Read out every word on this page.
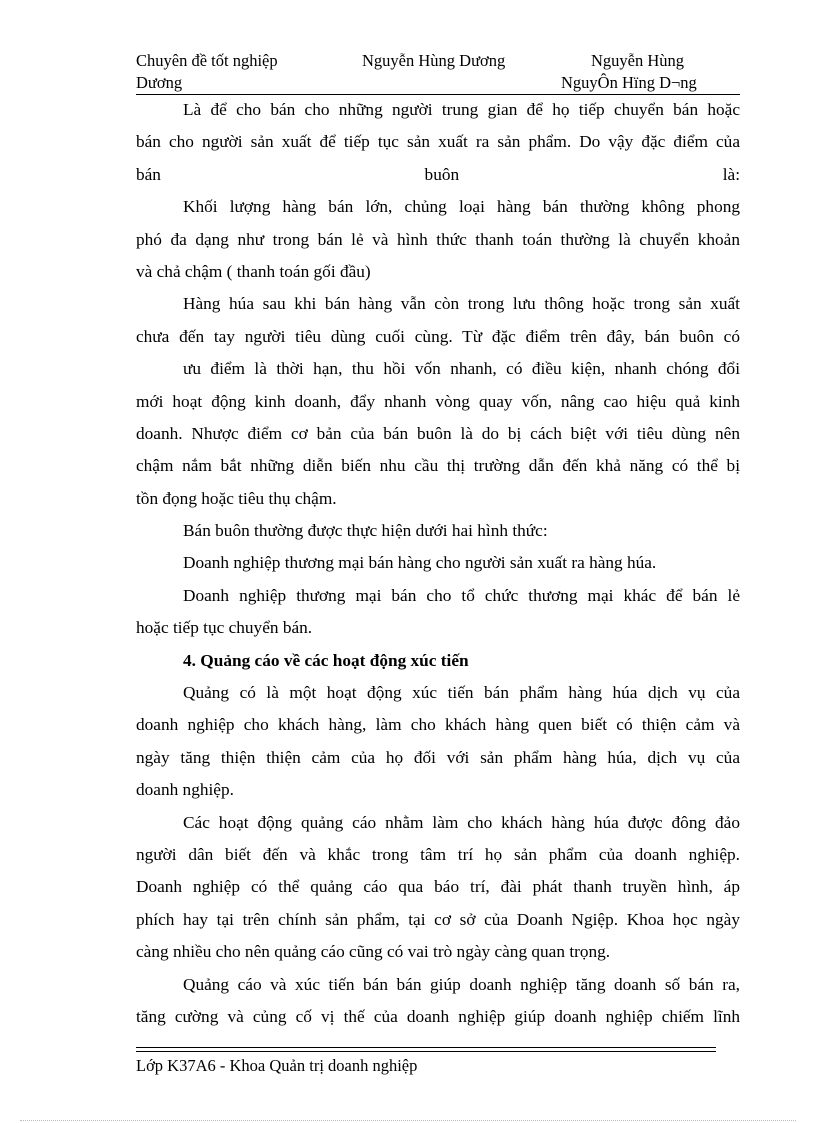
Chuyên đề tốt nghiệp
Dương
Nguyễn Hùng Dương	Nguyễn Hùng
NguyÔn Hïng D¬ng
Là để cho bán cho những người trung gian để họ tiếp chuyển bán hoặc
bán cho người sản xuất để tiếp tục sản xuất ra sản phẩm. Do vậy đặc điểm của
bán                                          buôn                                          là:
Khối lượng hàng bán lớn, chủng loại hàng bán thường không phong
phó đa dạng như trong bán lẻ và hình thức thanh toán thường là chuyển khoản
và chả chậm ( thanh toán gối đầu)
Hàng húa sau khi bán hàng vẫn còn trong lưu thông hoặc trong sản xuất
chưa đến tay người tiêu dùng cuối cùng. Từ đặc điểm trên đây, bán buôn có
ưu điểm là thời hạn, thu hồi vốn nhanh, có điều kiện, nhanh chóng đổi
mới hoạt động kinh doanh, đẩy nhanh vòng quay vốn, nâng cao hiệu quả kinh
doanh. Nhược điểm cơ bản của bán buôn là do bị cách biệt với tiêu dùng nên
chậm nắm bắt những diễn biến nhu cầu thị trường dẫn đến khả năng có thể bị
tồn đọng hoặc tiêu thụ chậm.
Bán buôn thường được thực hiện dưới hai hình thức:
Doanh nghiệp thương mại bán hàng cho người sản xuất ra hàng húa.
Doanh nghiệp thương mại bán cho tổ chức thương mại khác để bán lẻ
hoặc tiếp tục chuyển bán.
4. Quảng cáo về các hoạt động xúc tiến
Quảng có là một hoạt động xúc tiến bán phẩm hàng húa dịch vụ của
doanh nghiệp cho khách hàng, làm cho khách hàng quen biết có thiện cảm và
ngày tăng thiện thiện cảm của họ đối với sản phẩm hàng húa, dịch vụ của
doanh nghiệp.
Các hoạt động quảng cáo nhằm làm cho khách hàng húa được đông đảo
người dân biết đến và khắc trong tâm trí họ sản phẩm của doanh nghiệp.
Doanh nghiệp có thể quảng cáo qua báo trí, đài phát thanh truyền hình, áp
phích hay tại trên chính sản phẩm, tại cơ sở của Doanh Ngiệp. Khoa học ngày
càng nhiều cho nên quảng cáo cũng có vai trò ngày càng quan trọng.
Quảng cáo và xúc tiến bán bán giúp doanh nghiệp tăng doanh số bán ra,
tăng cường và củng cố vị thế của doanh nghiệp giúp doanh nghiệp chiếm lĩnh
Lớp K37A6 - Khoa Quản trị doanh nghiệp
